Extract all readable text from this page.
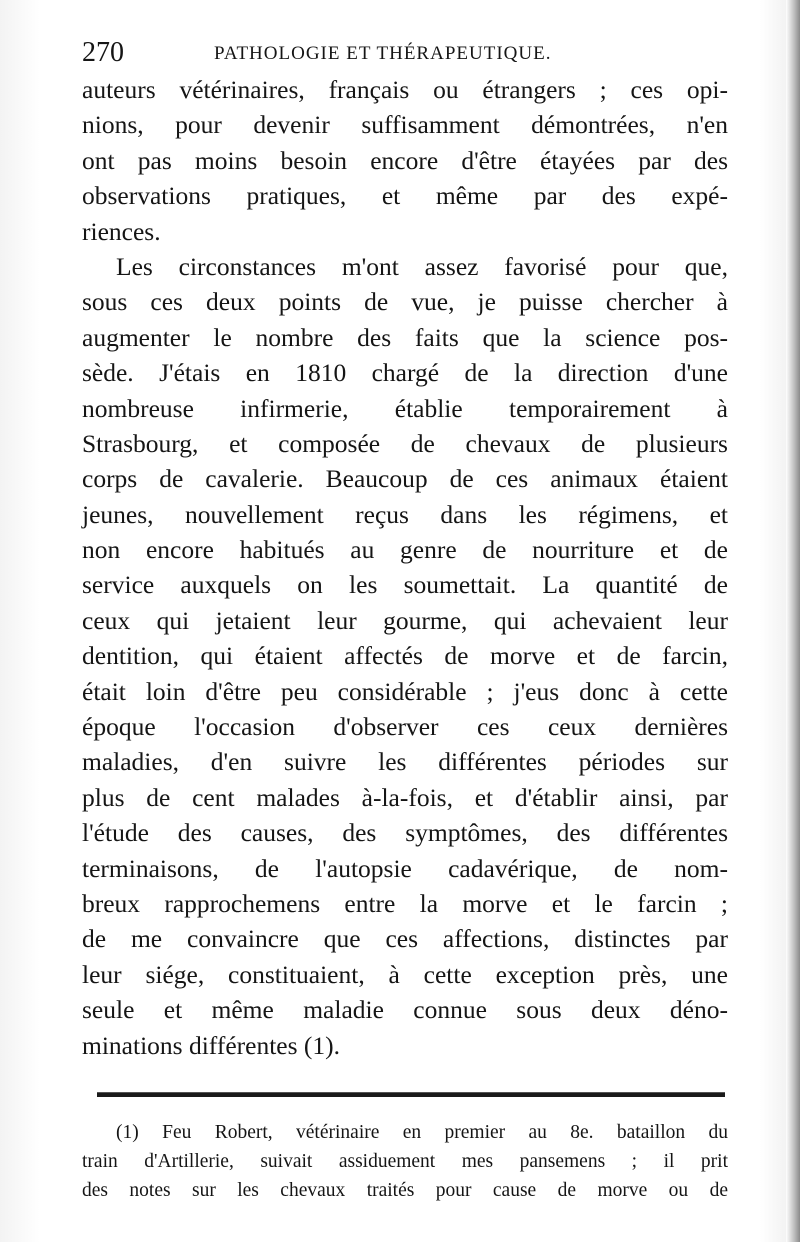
270	PATHOLOGIE ET THÉRAPEUTIQUE.
auteurs vétérinaires, français ou étrangers ; ces opi-
nions, pour devenir suffisamment démontrées, n'en
ont pas moins besoin encore d'être étayées par des
observations pratiques, et même par des expé-
riences.
Les circonstances m'ont assez favorisé pour que,
sous ces deux points de vue, je puisse chercher à
augmenter le nombre des faits que la science pos-
sède. J'étais en 1810 chargé de la direction d'une
nombreuse infirmerie, établie temporairement à
Strasbourg, et composée de chevaux de plusieurs
corps de cavalerie. Beaucoup de ces animaux étaient
jeunes, nouvellement reçus dans les régimens, et
non encore habitués au genre de nourriture et de
service auxquels on les soumettait. La quantité de
ceux qui jetaient leur gourme, qui achevaient leur
dentition, qui étaient affectés de morve et de farcin,
était loin d'être peu considérable ; j'eus donc à cette
époque l'occasion d'observer ces ceux dernières
maladies, d'en suivre les différentes périodes sur
plus de cent malades à-la-fois, et d'établir ainsi, par
l'étude des causes, des symptômes, des différentes
terminaisons, de l'autopsie cadavérique, de nom-
breux rapprochemens entre la morve et le farcin ;
de me convaincre que ces affections, distinctes par
leur siége, constituaient, à cette exception près, une
seule et même maladie connue sous deux déno-
minations différentes (1).
(1) Feu Robert, vétérinaire en premier au 8e. bataillon du
train d'Artillerie, suivait assiduement mes pansemens ; il prit
des notes sur les chevaux traités pour cause de morve ou de
